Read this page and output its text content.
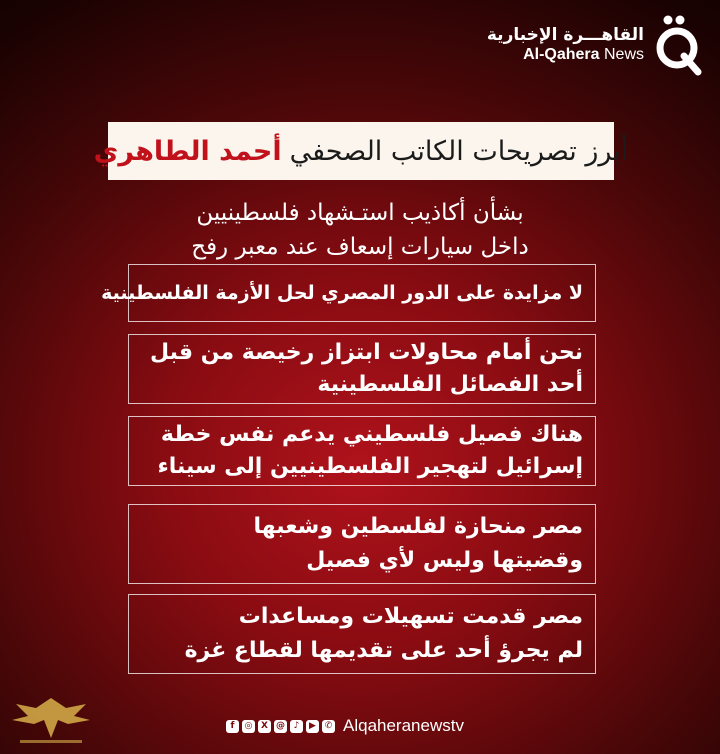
القاهـــرة الإخبارية
Al-Qahera News
أبرز تصريحات الكاتب الصحفي
أحمد الطاهري
بشأن أكاذيب استـشهاد فلسطينيين
داخل سيارات إسعاف عند معبر رفح
لا مزايدة على الدور المصري لحل الأزمة الفلسطينية
نحن أمام محاولات ابتزاز رخيصة من قبل
أحد الفصائل الفلسطينية
هناك فصيل فلسطيني يدعم نفس خطة
إسرائيل لتهجير الفلسطينيين إلى سيناء
مصر منحازة لفلسطين وشعبها
وقضيتها وليس لأي فصيل
مصر قدمت تسهيلات ومساعدات
لم يجرؤ أحد على تقديمها لقطاع غزة
f	◎ X @ ♪	▶ ✆ Alqaheranewstv
